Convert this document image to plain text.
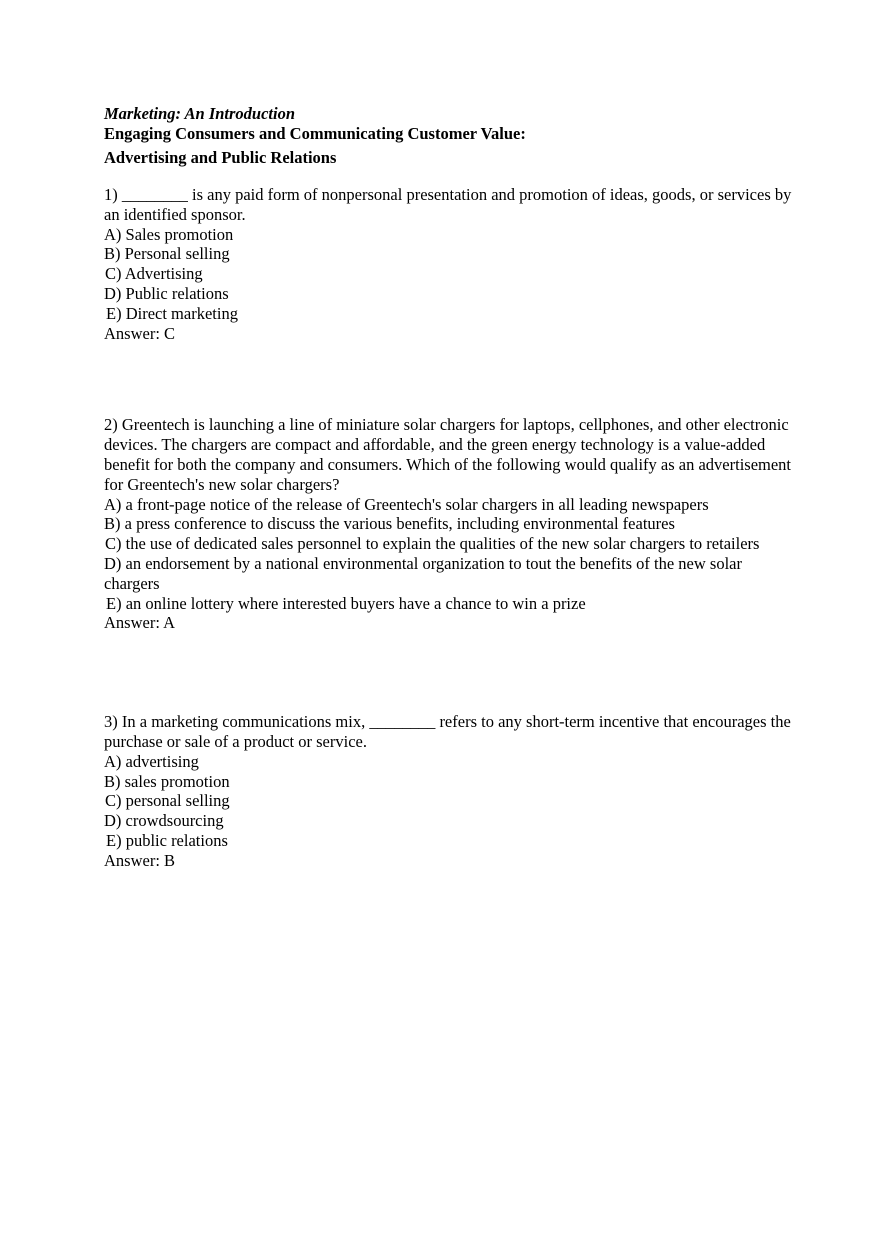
Marketing: An Introduction

Engaging Consumers and Communicating Customer Value:

Advertising and Public Relations

1) ________ is any paid form of nonpersonal presentation and promotion of ideas, goods, or services by an identified sponsor.

A) Sales promotion

B) Personal selling

C) Advertising

D) Public relations

E) Direct marketing

Answer: C

2) Greentech is launching a line of miniature solar chargers for laptops, cellphones, and other electronic devices. The chargers are compact and affordable, and the green energy technology is a value-added benefit for both the company and consumers. Which of the following would qualify as an advertisement for Greentech's new solar chargers?

A) a front-page notice of the release of Greentech's solar chargers in all leading newspapers

B) a press conference to discuss the various benefits, including environmental features

C) the use of dedicated sales personnel to explain the qualities of the new solar chargers to retailers

D) an endorsement by a national environmental organization to tout the benefits of the new solar chargers

E) an online lottery where interested buyers have a chance to win a prize

Answer: A

3) In a marketing communications mix, ________ refers to any short-term incentive that encourages the purchase or sale of a product or service.

A) advertising

B) sales promotion

C) personal selling

D) crowdsourcing

E) public relations

Answer: B
